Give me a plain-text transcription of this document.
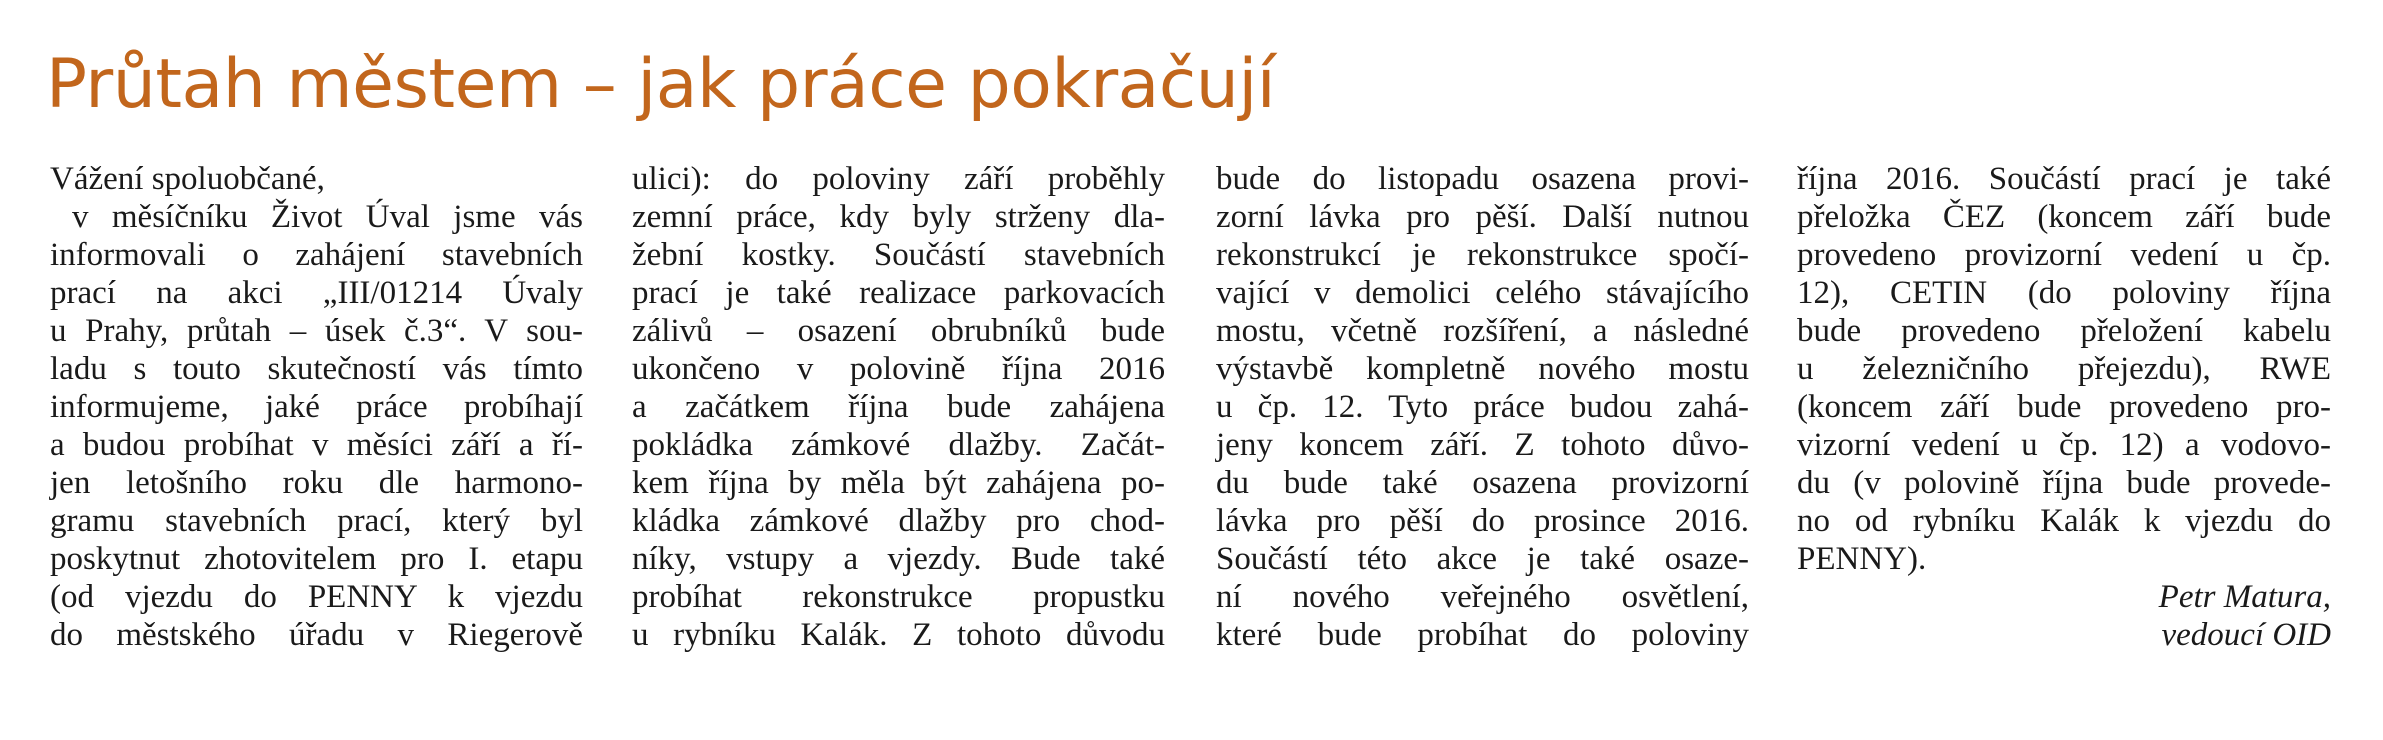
Průtah městem – jak práce pokračují
Vážení spoluobčané,
v měsíčníku Život Úval jsme vás
informovali o zahájení stavebních
prací na akci „III/01214 Úvaly
u Prahy, průtah – úsek č.3“. V sou-
ladu s touto skutečností vás tímto
informujeme, jaké práce probíhají
a budou probíhat v měsíci září a ří-
jen letošního roku dle harmono-
gramu stavebních prací, který byl
poskytnut zhotovitelem pro I. etapu
(od vjezdu do PENNY k vjezdu
do městského úřadu v Riegerově
ulici): do poloviny září proběhly
zemní práce, kdy byly strženy dla-
žební kostky. Součástí stavebních
prací je také realizace parkovacích
zálivů – osazení obrubníků bude
ukončeno v polovině října 2016
a začátkem října bude zahájena
pokládka zámkové dlažby. Začát-
kem října by měla být zahájena po-
kládka zámkové dlažby pro chod-
níky, vstupy a vjezdy. Bude také
probíhat rekonstrukce propustku
u rybníku Kalák. Z tohoto důvodu
bude do listopadu osazena provi-
zorní lávka pro pěší. Další nutnou
rekonstrukcí je rekonstrukce spočí-
vající v demolici celého stávajícího
mostu, včetně rozšíření, a následné
výstavbě kompletně nového mostu
u čp. 12. Tyto práce budou zahá-
jeny koncem září. Z tohoto důvo-
du bude také osazena provizorní
lávka pro pěší do prosince 2016.
Součástí této akce je také osaze-
ní nového veřejného osvětlení,
které bude probíhat do poloviny
října 2016. Součástí prací je také
přeložka ČEZ (koncem září bude
provedeno provizorní vedení u čp.
12), CETIN (do poloviny října
bude provedeno přeložení kabelu
u železničního přejezdu), RWE
(koncem září bude provedeno pro-
vizorní vedení u čp. 12) a vodovo-
du (v polovině října bude provede-
no od rybníku Kalák k vjezdu do
PENNY).
Petr Matura,
vedoucí OID
